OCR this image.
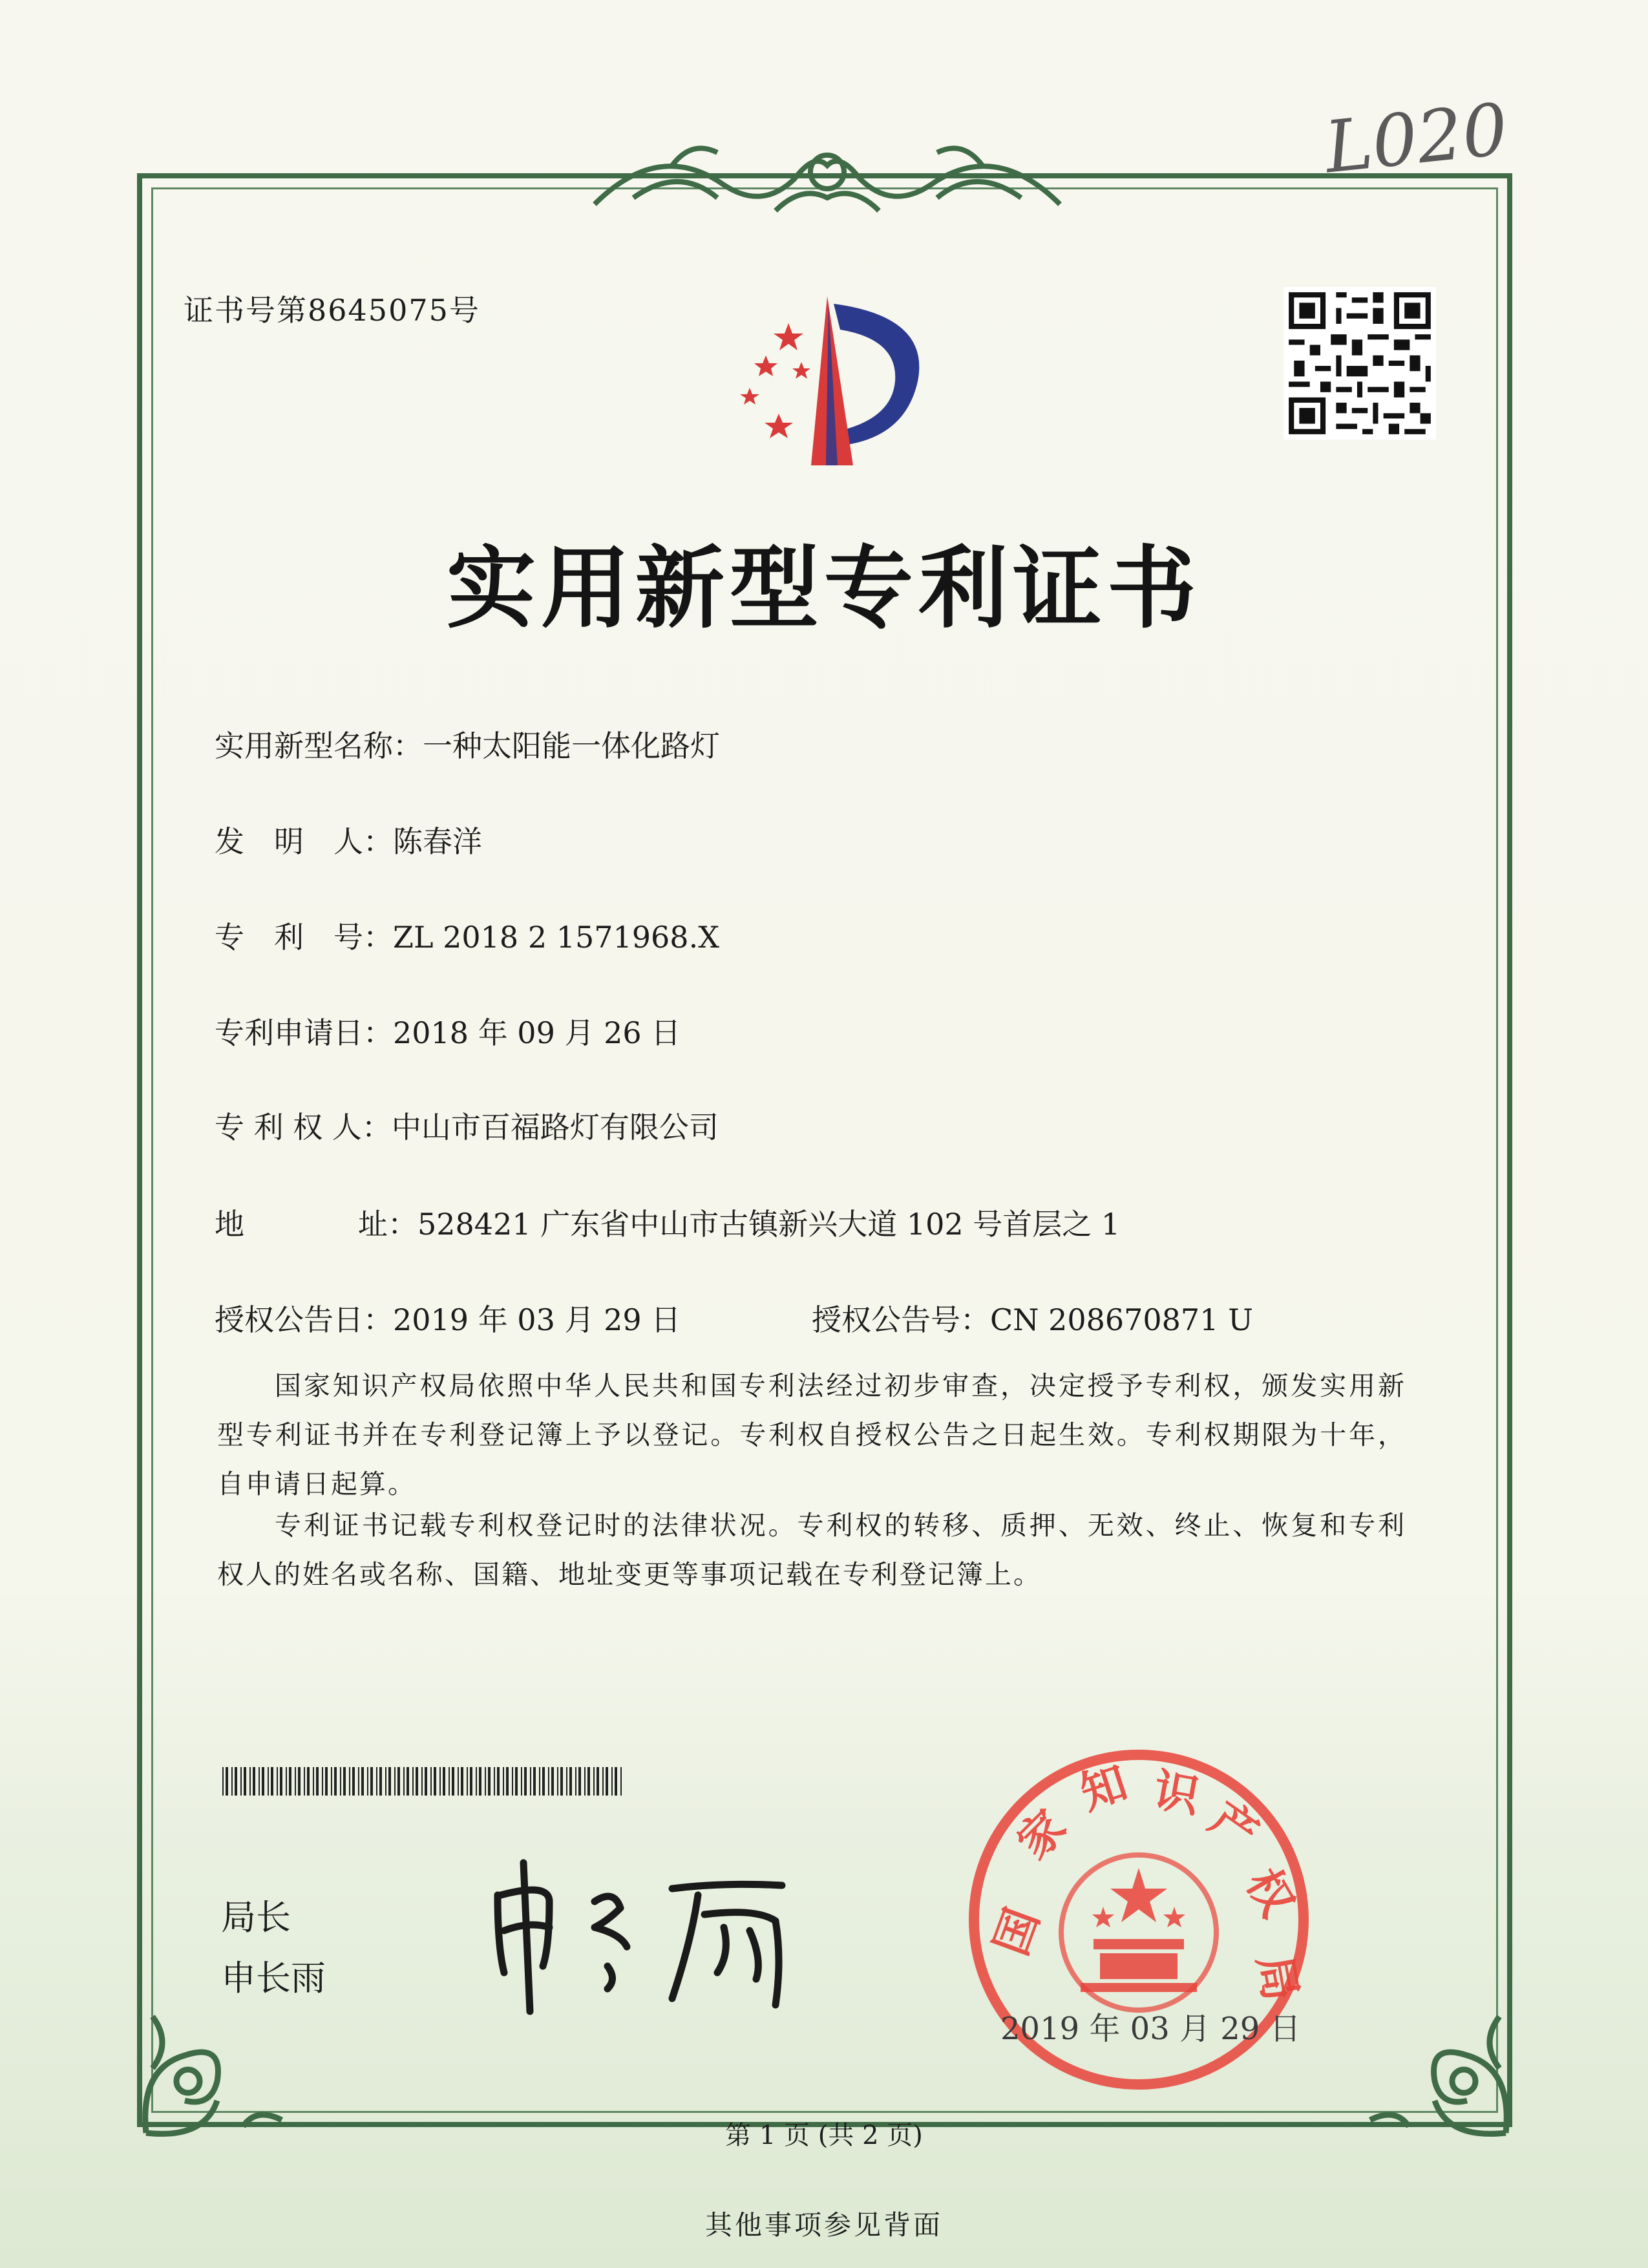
L020
证书号第8645075号
实用新型专利证书
实用新型名称：一种太阳能一体化路灯
发　明　人：陈春洋
专　利　号：ZL 2018 2 1571968.X
专利申请日：2018 年 09 月 26 日
专 利 权 人：中山市百福路灯有限公司
地	址：528421 广东省中山市古镇新兴大道 102 号首层之 1
授权公告日：2019 年 03 月 29 日	授权公告号：CN 208670871 U
国家知识产权局依照中华人民共和国专利法经过初步审查，决定授予专利权，颁发实用新型专利证书并在专利登记簿上予以登记。专利权自授权公告之日起生效。专利权期限为十年，自申请日起算。
专利证书记载专利权登记时的法律状况。专利权的转移、质押、无效、终止、恢复和专利权人的姓名或名称、国籍、地址变更等事项记载在专利登记簿上。
局长
申长雨
国
家
知 识
产
权
局
2019 年 03 月 29 日
第 1 页 (共 2 页)
其他事项参见背面
